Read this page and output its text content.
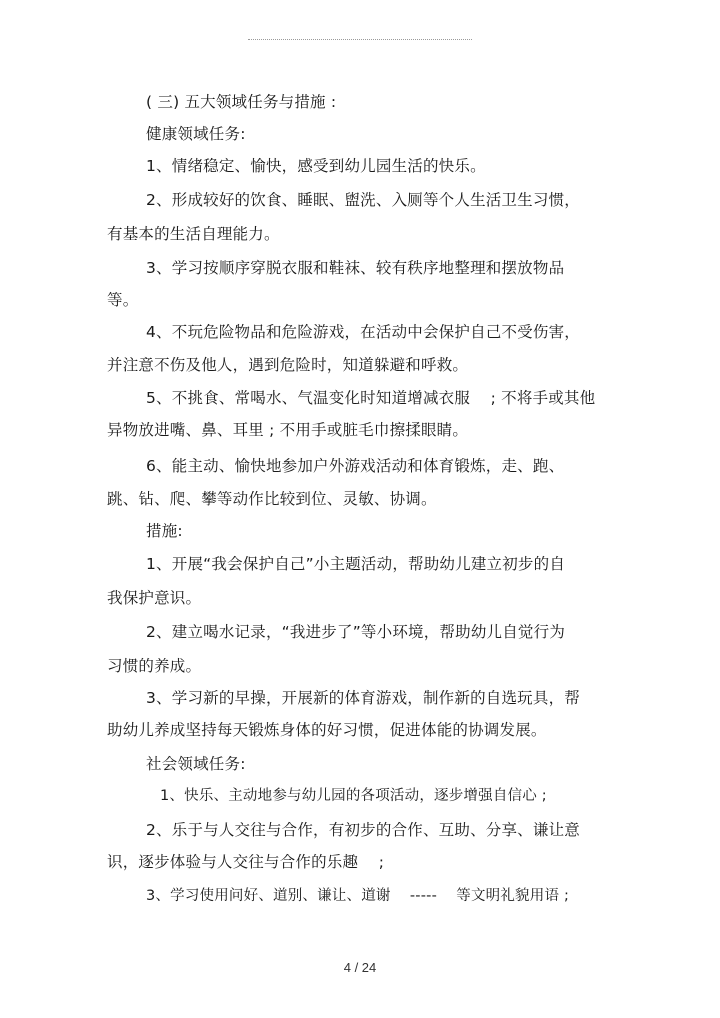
( 三) 五大领域任务与措施 :
健康领域任务:
1、情绪稳定、愉快，感受到幼儿园生活的快乐。
2、形成较好的饮食、睡眠、盥洗、入厕等个人生活卫生习惯，
有基本的生活自理能力。
3、学习按顺序穿脱衣服和鞋袜、较有秩序地整理和摆放物品
等。
4、不玩危险物品和危险游戏，在活动中会保护自己不受伤害，
并注意不伤及他人，遇到危险时，知道躲避和呼救。
5、不挑食、常喝水、气温变化时知道增减衣服    ; 不将手或其他
异物放进嘴、鼻、耳里 ; 不用手或脏毛巾擦揉眼睛。
6、能主动、愉快地参加户外游戏活动和体育锻炼，走、跑、
跳、钻、爬、攀等动作比较到位、灵敏、协调。
措施:
1、开展“我会保护自己”小主题活动，帮助幼儿建立初步的自
我保护意识。
2、建立喝水记录，“我进步了”等小环境，帮助幼儿自觉行为
习惯的养成。
3、学习新的早操，开展新的体育游戏，制作新的自选玩具，帮
助幼儿养成坚持每天锻炼身体的好习惯，促进体能的协调发展。
社会领域任务:
1、快乐、主动地参与幼儿园的各项活动，逐步增强自信心 ;
2、乐于与人交往与合作，有初步的合作、互助、分享、谦让意
识，逐步体验与人交往与合作的乐趣    ;
3、学习使用问好、道别、谦让、道谢    -----    等文明礼貌用语 ;
4 / 24
